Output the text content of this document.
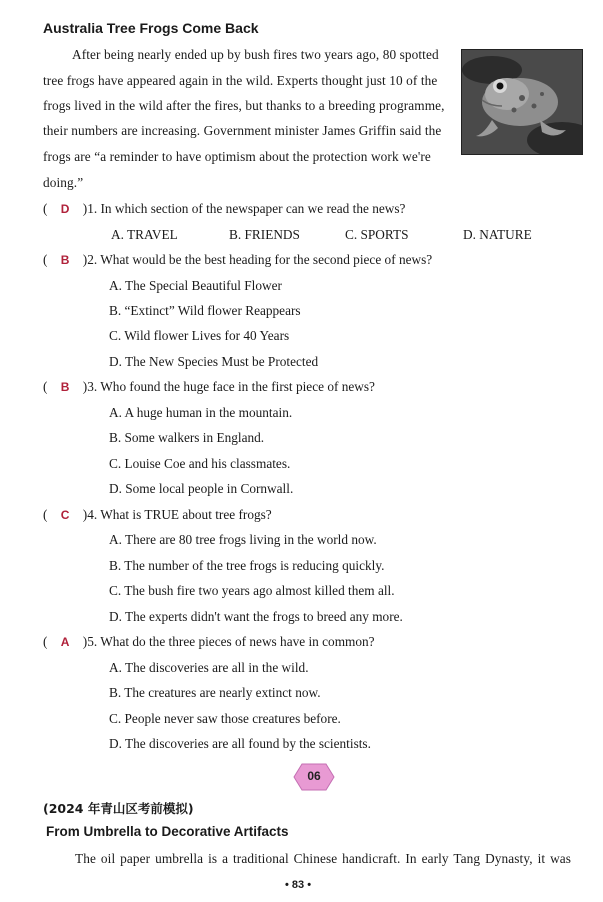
Australia Tree Frogs Come Back
After being nearly ended up by bush fires two years ago, 80 spotted
tree frogs have appeared again in the wild. Experts thought just 10 of the
frogs lived in the wild after the fires, but thanks to a breeding programme,
their numbers are increasing. Government minister James Griffin said the
frogs are “a reminder to have optimism about the protection work we're
doing.”
( D )1. In which section of the newspaper can we read the news?
A. TRAVEL	B. FRIENDS	C. SPORTS	D. NATURE
( B )2. What would be the best heading for the second piece of news?
A. The Special Beautiful Flower
B. “Extinct” Wild flower Reappears
C. Wild flower Lives for 40 Years
D. The New Species Must be Protected
( B )3. Who found the huge face in the first piece of news?
A. A huge human in the mountain.
B. Some walkers in England.
C. Louise Coe and his classmates.
D. Some local people in Cornwall.
( C )4. What is TRUE about tree frogs?
A. There are 80 tree frogs living in the world now.
B. The number of the tree frogs is reducing quickly.
C. The bush fire two years ago almost killed them all.
D. The experts didn't want the frogs to breed any more.
( A )5. What do the three pieces of news have in common?
A. The discoveries are all in the wild.
B. The creatures are nearly extinct now.
C. People never saw those creatures before.
D. The discoveries are all found by the scientists.
06
(2024 年青山区考前模拟)
From Umbrella to Decorative Artifacts
The oil paper umbrella is a traditional Chinese handicraft. In early Tang Dynasty, it was
• 83 •
